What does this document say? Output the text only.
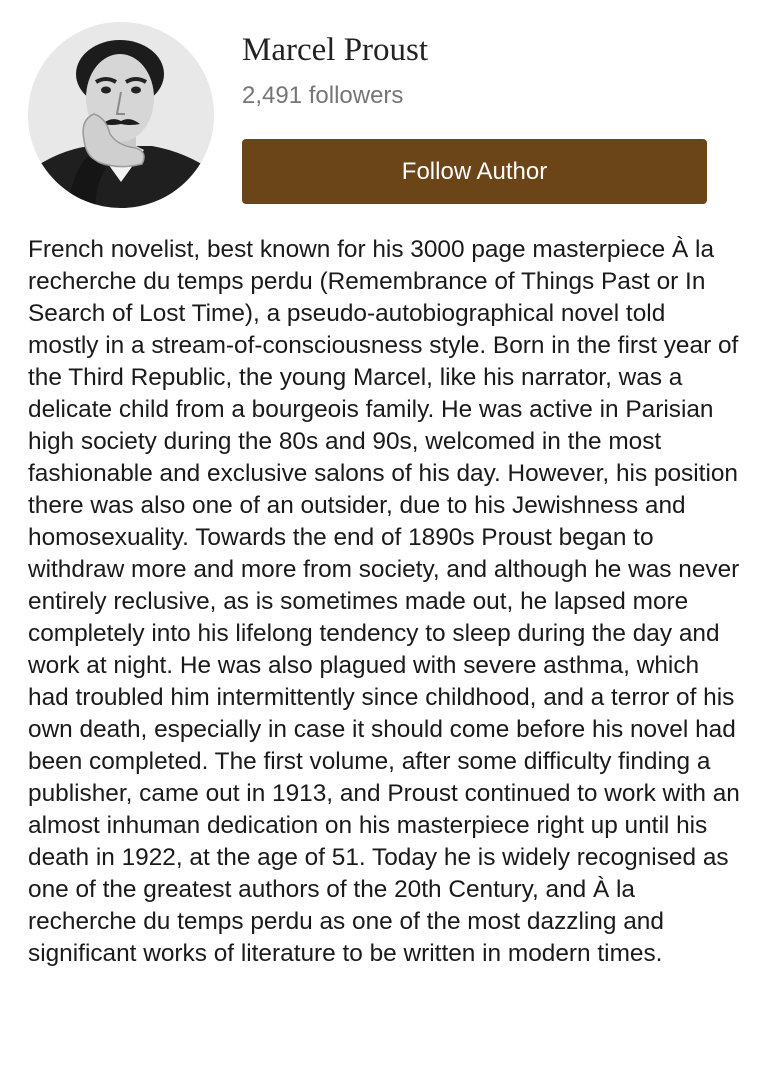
Marcel Proust
2,491 followers
Follow Author

French novelist, best known for his 3000 page masterpiece À la recherche du temps perdu (Remembrance of Things Past or In Search of Lost Time), a pseudo-autobiographical novel told mostly in a stream-of-consciousness style. Born in the first year of the Third Republic, the young Marcel, like his narrator, was a delicate child from a bourgeois family. He was active in Parisian high society during the 80s and 90s, welcomed in the most fashionable and exclusive salons of his day. However, his position there was also one of an outsider, due to his Jewishness and homosexuality. Towards the end of 1890s Proust began to withdraw more and more from society, and although he was never entirely reclusive, as is sometimes made out, he lapsed more completely into his lifelong tendency to sleep during the day and work at night. He was also plagued with severe asthma, which had troubled him intermittently since childhood, and a terror of his own death, especially in case it should come before his novel had been completed. The first volume, after some difficulty finding a publisher, came out in 1913, and Proust continued to work with an almost inhuman dedication on his masterpiece right up until his death in 1922, at the age of 51. Today he is widely recognised as one of the greatest authors of the 20th Century, and À la recherche du temps perdu as one of the most dazzling and significant works of literature to be written in modern times.
